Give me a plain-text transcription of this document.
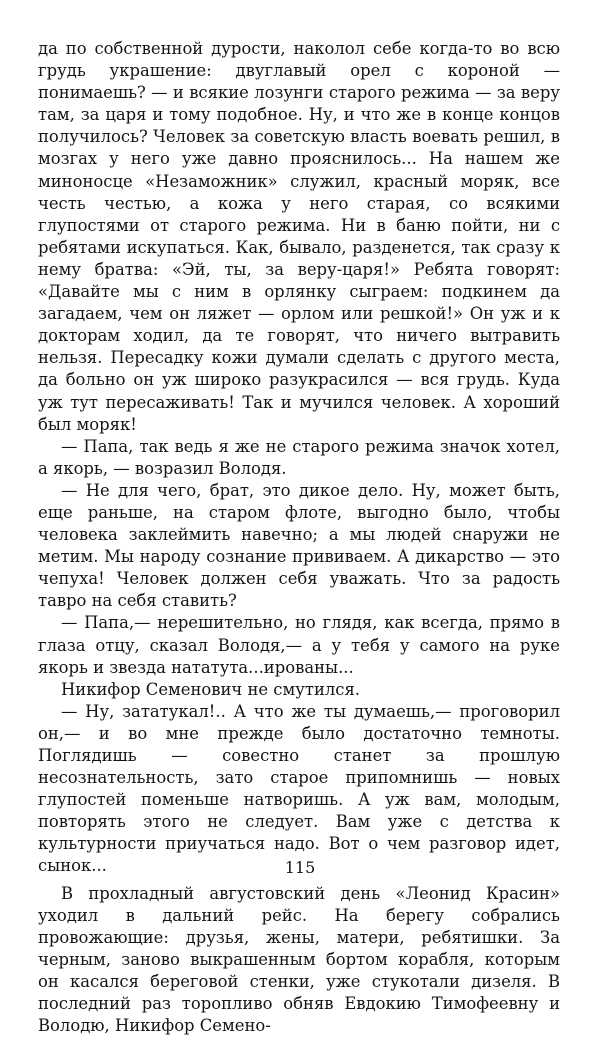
да по собственной дурости, наколол себе когда-то во всю грудь украшение: двуглавый орел с короной — понимаешь? — и всякие лозунги старого режима — за веру там, за царя и тому подобное. Ну, и что же в конце концов получилось? Человек за советскую власть воевать решил, в мозгах у него уже давно прояснилось... На нашем же миноносце «Незаможник» служил, красный моряк, все честь честью, а кожа у него старая, со всякими глупостями от старого режима. Ни в баню пойти, ни с ребятами искупаться. Как, бывало, разденется, так сразу к нему братва: «Эй, ты, за веру-царя!» Ребята говорят: «Давайте мы с ним в орлянку сыграем: подкинем да загадаем, чем он ляжет — орлом или решкой!» Он уж и к докторам ходил, да те говорят, что ничего вытравить нельзя. Пересадку кожи думали сделать с другого места, да больно он уж широко разукрасился — вся грудь. Куда уж тут пересаживать! Так и мучился человек. А хороший был моряк!

— Папа, так ведь я же не старого режима значок хотел, а якорь, — возразил Володя.

— Не для чего, брат, это дикое дело. Ну, может быть, еще раньше, на старом флоте, выгодно было, чтобы человека заклеймить навечно; а мы людей снаружи не метим. Мы народу сознание прививаем. А дикарство — это чепуха! Человек должен себя уважать. Что за радость тавро на себя ставить?

— Папа,— нерешительно, но глядя, как всегда, прямо в глаза отцу, сказал Володя,— а у тебя у самого на руке якорь и звезда нататута...ированы...

Никифор Семенович не смутился.

— Ну, зататукал!.. А что же ты думаешь,— проговорил он,— и во мне прежде было достаточно темноты. Поглядишь — совестно станет за прошлую несознательность, зато старое припомнишь — новых глупостей поменьше натворишь. А уж вам, молодым, повторять этого не следует. Вам уже с детства к культурности приучаться надо. Вот о чем разговор идет, сынок...

В прохладный августовский день «Леонид Красин» уходил в дальний рейс. На берегу собрались провожающие: друзья, жены, матери, ребятишки. За черным, заново выкрашенным бортом корабля, которым он касался береговой стенки, уже стукотали дизеля. В последний раз торопливо обняв Евдокию Тимофеевну и Володю, Никифор Семено-

115
